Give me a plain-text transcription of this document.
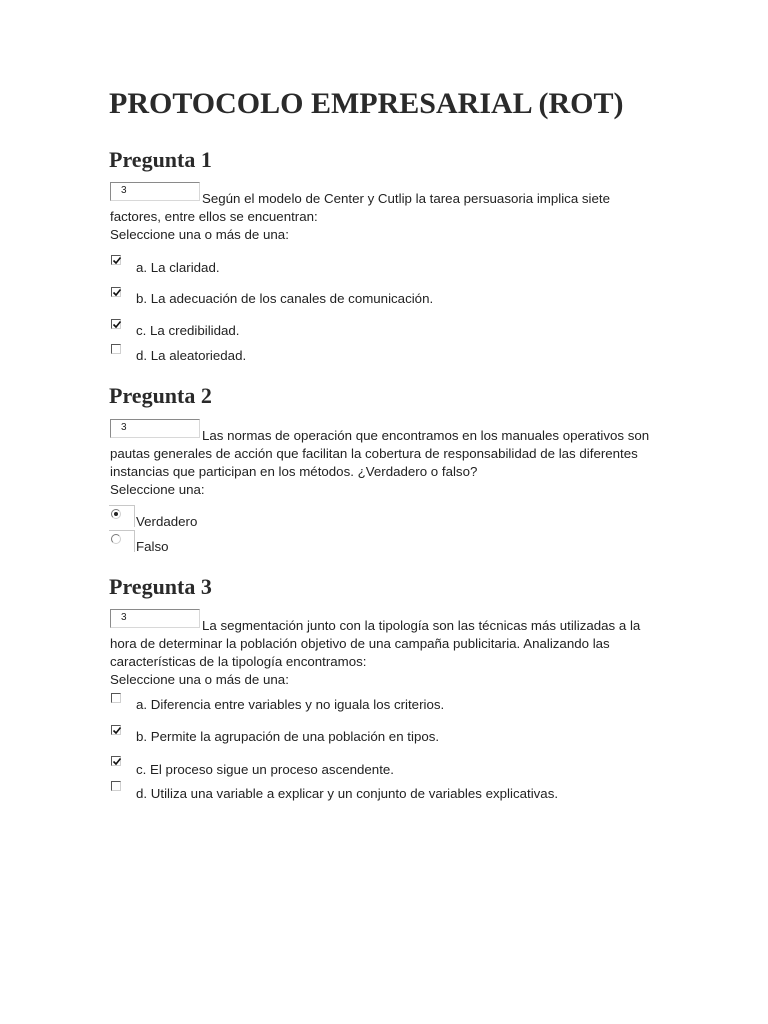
PROTOCOLO EMPRESARIAL (ROT)
Pregunta 1
3
Según el modelo de Center y Cutlip la tarea persuasoria implica siete
factores, entre ellos se encuentran:
Seleccione una o más de una:
a. La claridad.
b. La adecuación de los canales de comunicación.
c. La credibilidad.
d. La aleatoriedad.
Pregunta 2
3
Las normas de operación que encontramos en los manuales operativos son
pautas generales de acción que facilitan la cobertura de responsabilidad de las diferentes
instancias que participan en los métodos. ¿Verdadero o falso?
Seleccione una:
Verdadero
Falso
Pregunta 3
3
La segmentación junto con la tipología son las técnicas más utilizadas a la
hora de determinar la población objetivo de una campaña publicitaria. Analizando las
características de la tipología encontramos:
Seleccione una o más de una:
a. Diferencia entre variables y no iguala los criterios.
b. Permite la agrupación de una población en tipos.
c. El proceso sigue un proceso ascendente.
d. Utiliza una variable a explicar y un conjunto de variables explicativas.
